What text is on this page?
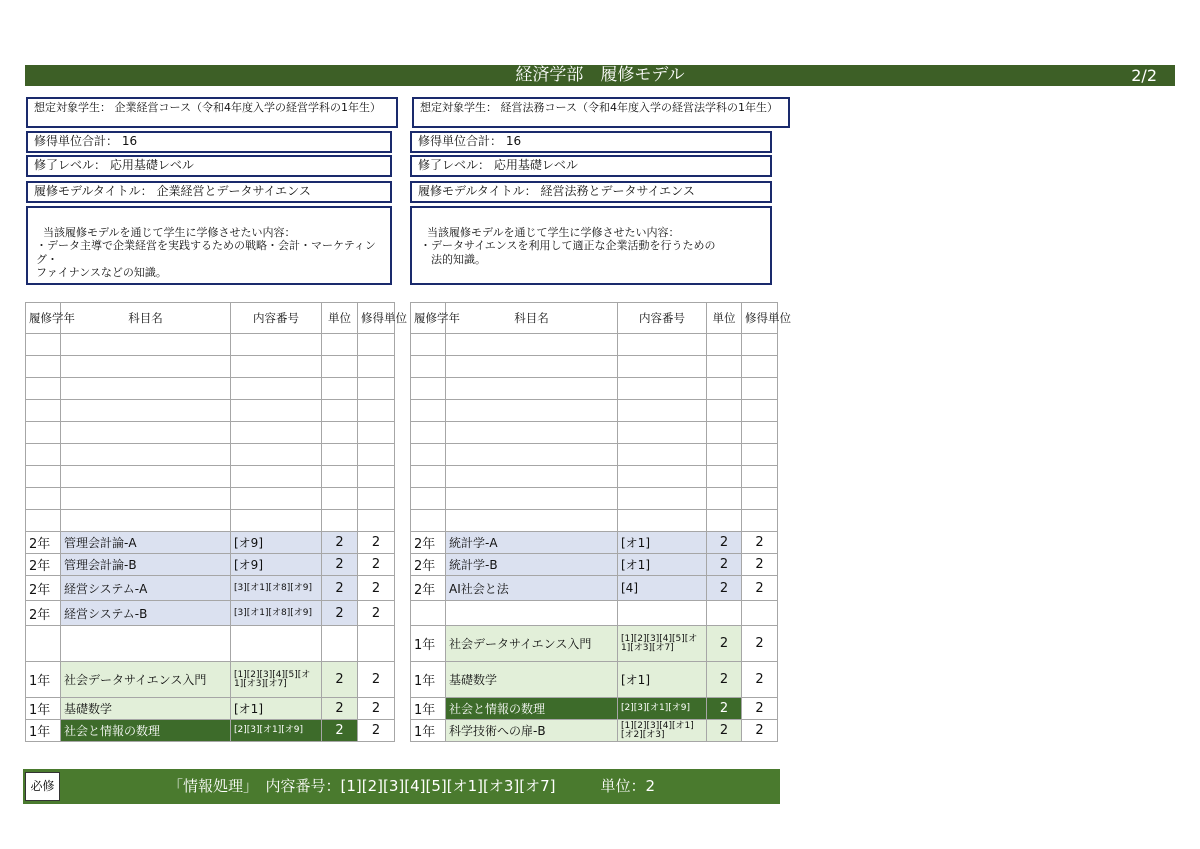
経済学部　履修モデル	2/2
想定対象学生： 企業経営コース（令和4年度入学の経営学科の1年生）
修得単位合計： 16
修了レベル： 応用基礎レベル
履修モデルタイトル： 企業経営とデータサイエンス

当該履修モデルを通じて学生に学修させたい内容：
・データ主導で企業経営を実践するための戦略・会計・マーケティング・
ファイナンスなどの知識。

想定対象学生： 経営法務コース（令和4年度入学の経営法学科の1年生）
修得単位合計： 16
修了レベル： 応用基礎レベル
履修モデルタイトル： 経営法務とデータサイエンス

当該履修モデルを通じて学生に学修させたい内容：
・データサイエンスを利用して適正な企業活動を行うための
　法的知識。

履修学年	科目名	内容番号	単位	修得単位

2年	管理会計論-A	[オ9]	2	2
2年	管理会計論-B	[オ9]	2	2
2年	経営システム-A	[3][オ1][オ8][オ9]	2	2
2年	経営システム-B	[3][オ1][オ8][オ9]	2	2

1年	社会データサイエンス入門	[1][2][3][4][5][オ1][オ3][オ7]	2	2
1年	基礎数学	[オ1]	2	2
1年	社会と情報の数理	[2][3][オ1][オ9]	2	2
履修学年	科目名	内容番号	単位	修得単位

2年	統計学-A	[オ1]	2	2
2年	統計学-B	[オ1]	2	2
2年	AI社会と法	[4]	2	2

1年	社会データサイエンス入門	[1][2][3][4][5][オ1][オ3][オ7]	2	2
1年	基礎数学	[オ1]	2	2
1年	社会と情報の数理	[2][3][オ1][オ9]	2	2
1年	科学技術への扉-B	[1][2][3][4][オ1][オ2][オ3]	2	2
必修	「情報処理」　内容番号：[1][2][3][4][5][オ1][オ3][オ7]　　　単位：2
